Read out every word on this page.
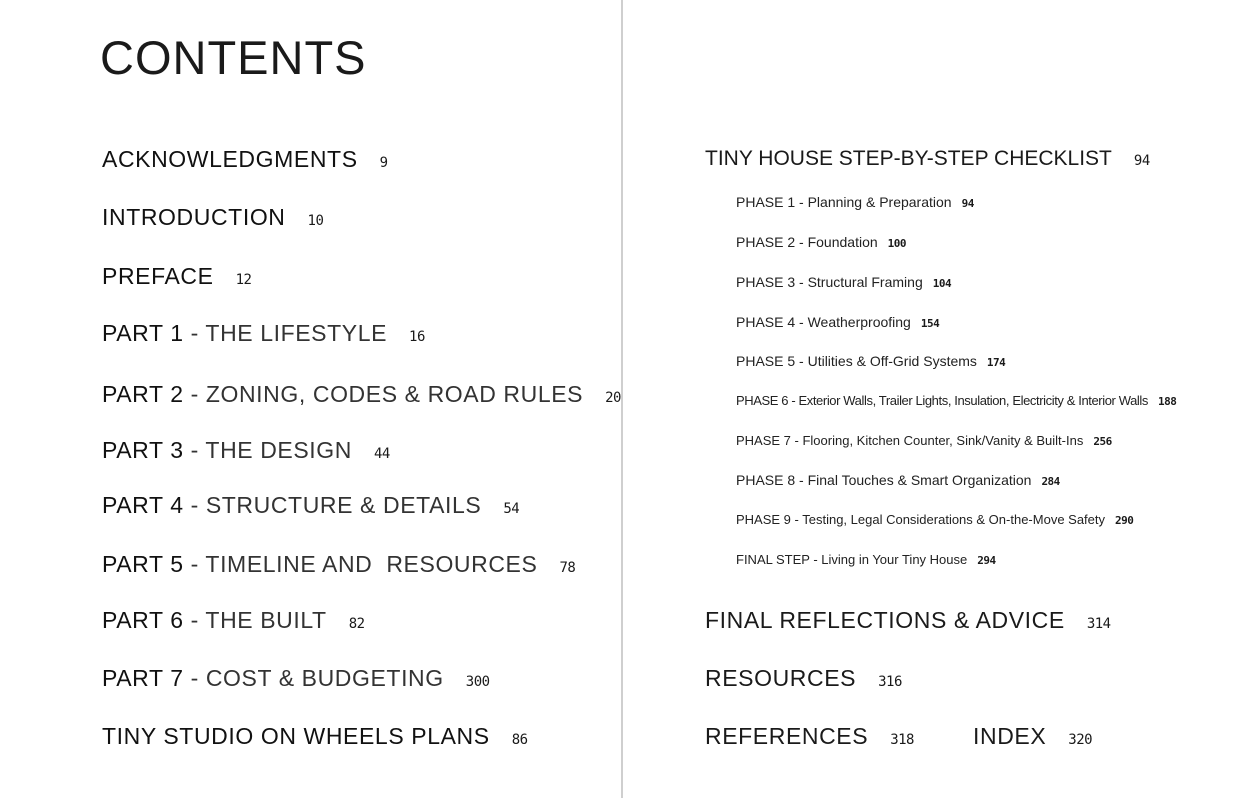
CONTENTS
ACKNOWLEDGMENTS 9
INTRODUCTION 10
PREFACE 12
PART 1 - THE LIFESTYLE 16
PART 2 - ZONING, CODES & ROAD RULES 20
PART 3 - THE DESIGN 44
PART 4 - STRUCTURE & DETAILS 54
PART 5 - TIMELINE AND  RESOURCES 78
PART 6 - THE BUILT 82
PART 7 - COST & BUDGETING 300
TINY STUDIO ON WHEELS PLANS 86
TINY HOUSE STEP-BY-STEP CHECKLIST 94
PHASE 1 - Planning & Preparation 94
PHASE 2 - Foundation 100
PHASE 3 - Structural Framing 104
PHASE 4 - Weatherproofing 154
PHASE 5 - Utilities & Off-Grid Systems 174
PHASE 6 - Exterior Walls, Trailer Lights, Insulation, Electricity & Interior Walls 188
PHASE 7 - Flooring, Kitchen Counter, Sink/Vanity & Built-Ins 256
PHASE 8 - Final Touches & Smart Organization 284
PHASE 9 - Testing, Legal Considerations & On-the-Move Safety 290
FINAL STEP - Living in Your Tiny House 294
FINAL REFLECTIONS & ADVICE 314
RESOURCES 316
REFERENCES 318	INDEX 320
